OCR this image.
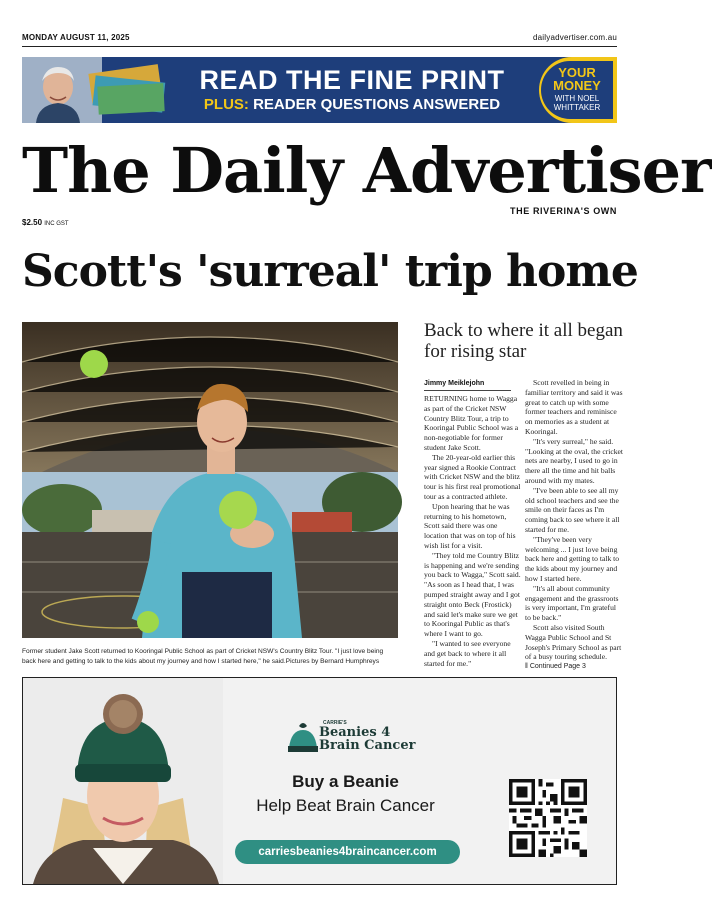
MONDAY AUGUST 11, 2025	dailyadvertiser.com.au
READ THE FINE PRINT
PLUS: READER QUESTIONS ANSWERED
YOUR
MONEY
WITH NOEL
WHITTAKER
The Daily Advertiser
THE RIVERINA'S OWN
$2.50 INC GST
Scott's 'surreal' trip home
Former student Jake Scott returned to Kooringal Public School as part of Cricket NSW's Country Blitz Tour. "I just love being back here and getting to talk to the kids about my journey and how I started here," he said.Pictures by Bernard Humphreys
Back to where it all began for rising star
Jimmy Meiklejohn

RETURNING home to Wagga as part of the Cricket NSW Country Blitz Tour, a trip to Kooringal Public School was a non-negotiable for former student Jake Scott.

The 20-year-old earlier this year signed a Rookie Contract with Cricket NSW and the blitz tour is his first real promotional tour as a contracted athlete.

Upon hearing that he was returning to his hometown, Scott said there was one location that was on top of his wish list for a visit.

"They told me Country Blitz is happening and we're sending you back to Wagga," Scott said. "As soon as I head that, I was pumped straight away and I got straight onto Beck (Frostick) and said let's make sure we get to Kooringal Public as that's where I want to go.

"I wanted to see everyone and get back to where it all started for me."

Scott revelled in being in familiar territory and said it was great to catch up with some former teachers and reminisce on memories as a student at Kooringal.

"It's very surreal," he said. "Looking at the oval, the cricket nets are nearby, I used to go in there all the time and hit balls around with my mates.

"I've been able to see all my old school teachers and see the smile on their faces as I'm coming back to see where it all started for me.

"They've been very welcoming ... I just love being back here and getting to talk to the kids about my journey and how I started here.

"It's all about community engagement and the grassroots is very important, I'm grateful to be back."

Scott also visited South Wagga Public School and St Joseph's Primary School as part of a busy touring schedule.

‖ Continued Page 3
CARRIE'S
Beanies 4
Brain Cancer
Buy a Beanie
Help Beat Brain Cancer
carriesbeanies4braincancer.com
